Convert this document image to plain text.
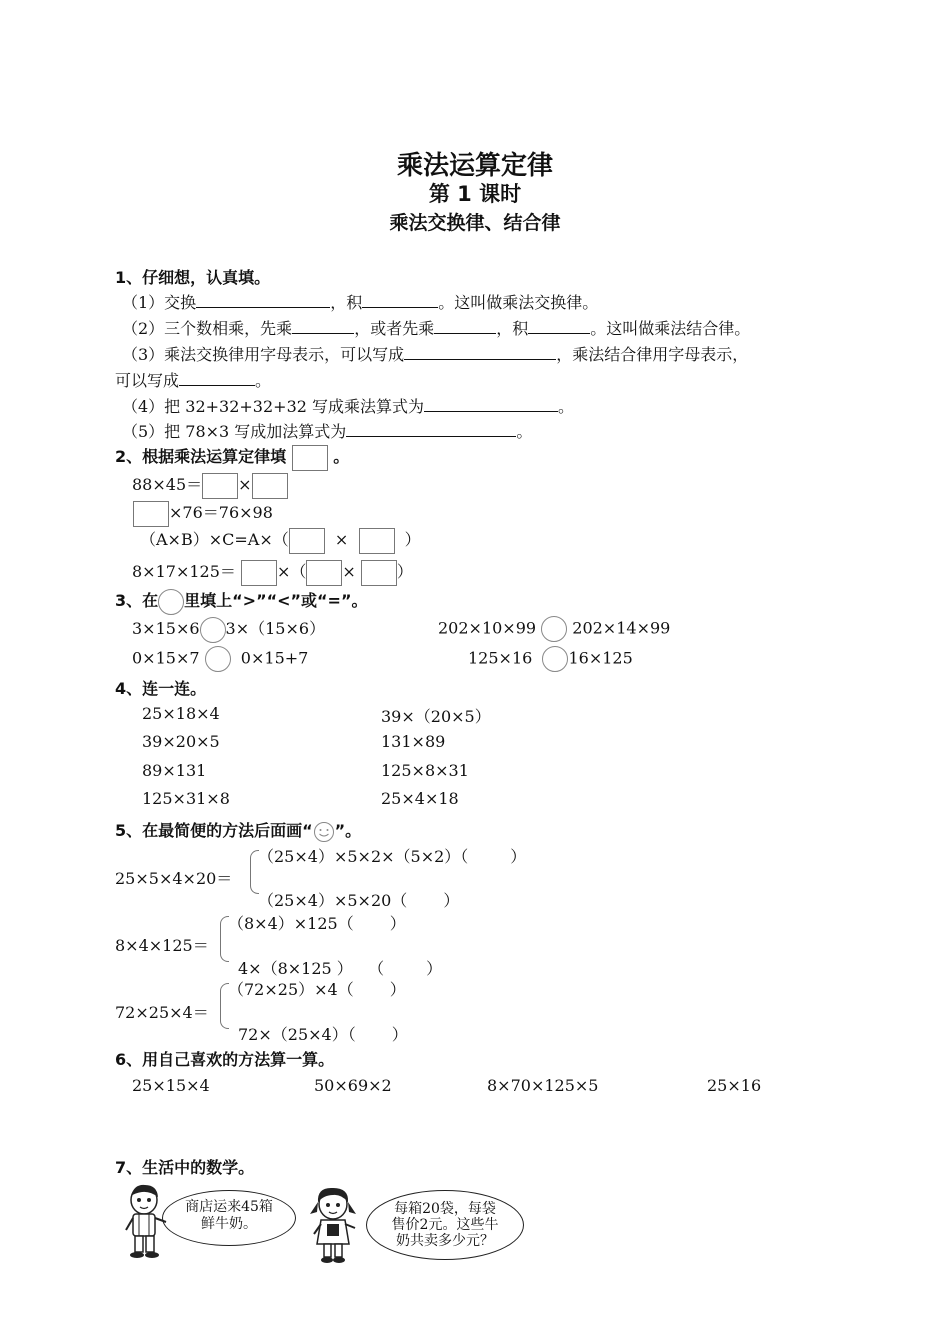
乘法运算定律
第 1 课时
乘法交换律、结合律
1、仔细想，认真填。
（1）交换	，积	。这叫做乘法交换律。
（2）三个数相乘，先乘	，或者先乘	，积	。这叫做乘法结合律。
（3）乘法交换律用字母表示，可以写成	，乘法结合律用字母表示，
可以写成	。
（4）把 32+32+32+32 写成乘法算式为	。
（5）把 78×3 写成加法算式为	。
2、根据乘法运算定律填	。
88×45＝ ×
×76＝76×98
（A×B）×C=A×（	×	）
8×17×125＝	×（ ×	）
3、在 里填上“>”“<”或“=”。
3×15×6 3×（15×6）	202×10×99 202×14×99
0×15×7	0×15+7	125×16 16×125
4、连一连。
25×18×4
39×20×5
89×131
125×31×8
39×（20×5）
131×89
125×8×31
25×4×18
5、在最简便的方法后面画“ ”。
25×5×4×20＝
（25×4）×5×2×（5×2）（	）
（25×4）×5×20（ ）
8×4×125＝
（8×4）×125（ ）
4×（8×125 ） （	）
72×25×4＝
（72×25）×4（ ）
72×（25×4）（ ）
6、用自己喜欢的方法算一算。
25×15×4	50×69×2	8×70×125×5	25×16
7、生活中的数学。
商店运来45箱
鲜牛奶。
每箱20袋，每袋
售价2元。这些牛
奶共卖多少元？
